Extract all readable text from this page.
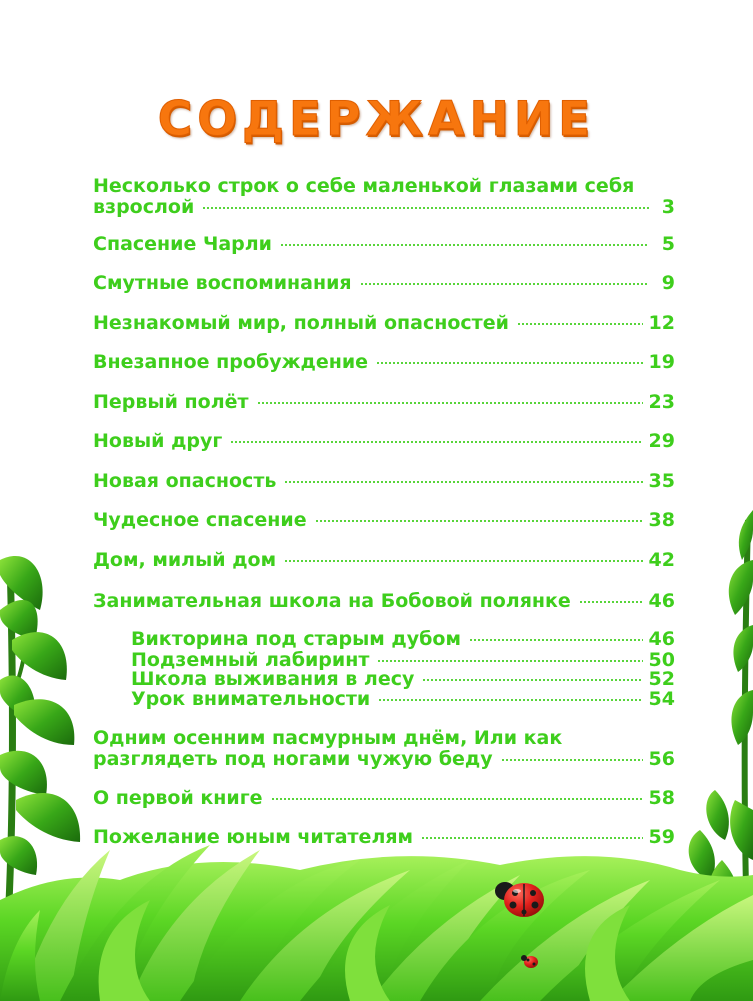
СОДЕРЖАНИЕ
Несколько строк о себе маленькой глазами себя
взрослой	3
Спасение Чарли	5
Смутные воспоминания	9
Незнакомый мир, полный опасностей	12
Внезапное пробуждение	19
Первый полёт	23
Новый друг	29
Новая опасность	35
Чудесное спасение	38
Дом, милый дом	42
Занимательная школа на Бобовой полянке	46
Викторина под старым дубом	46
Подземный лабиринт	50
Школа выживания в лесу	52
Урок внимательности	54
Одним осенним пасмурным днём, Или как
разглядеть под ногами чужую беду	56
О первой книге	58
Пожелание юным читателям	59
